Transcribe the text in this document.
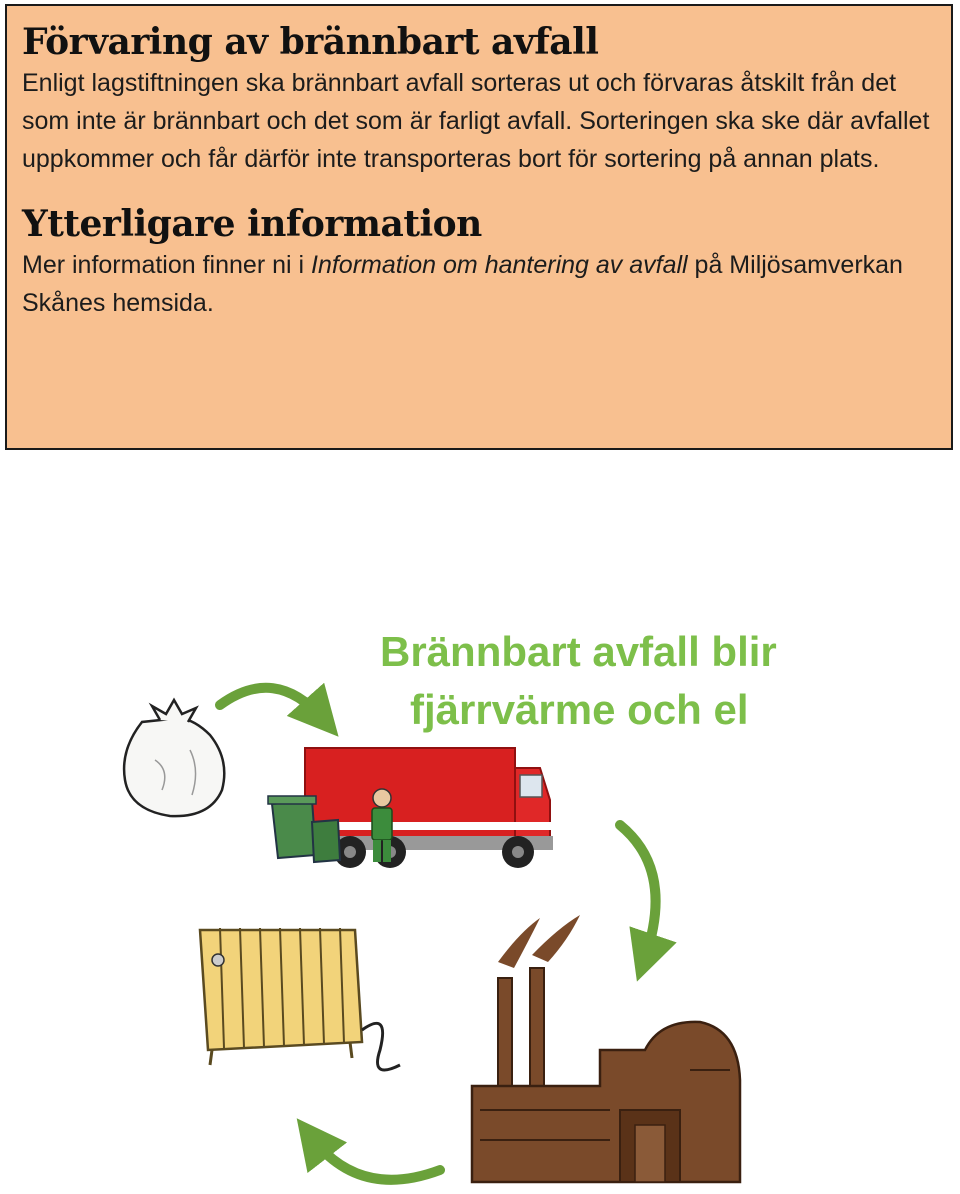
Förvaring av brännbart avfall

Enligt lagstiftningen ska brännbart avfall sorteras ut och förvaras åtskilt från det som inte är brännbart och det som är farligt avfall. Sorteringen ska ske där avfallet uppkommer och får därför inte transporteras bort för sortering på annan plats.

Ytterligare information

Mer information finner ni i Information om hantering av avfall på Miljösamverkan Skånes hemsida.

Brännbart avfall blir
fjärrvärme och el
